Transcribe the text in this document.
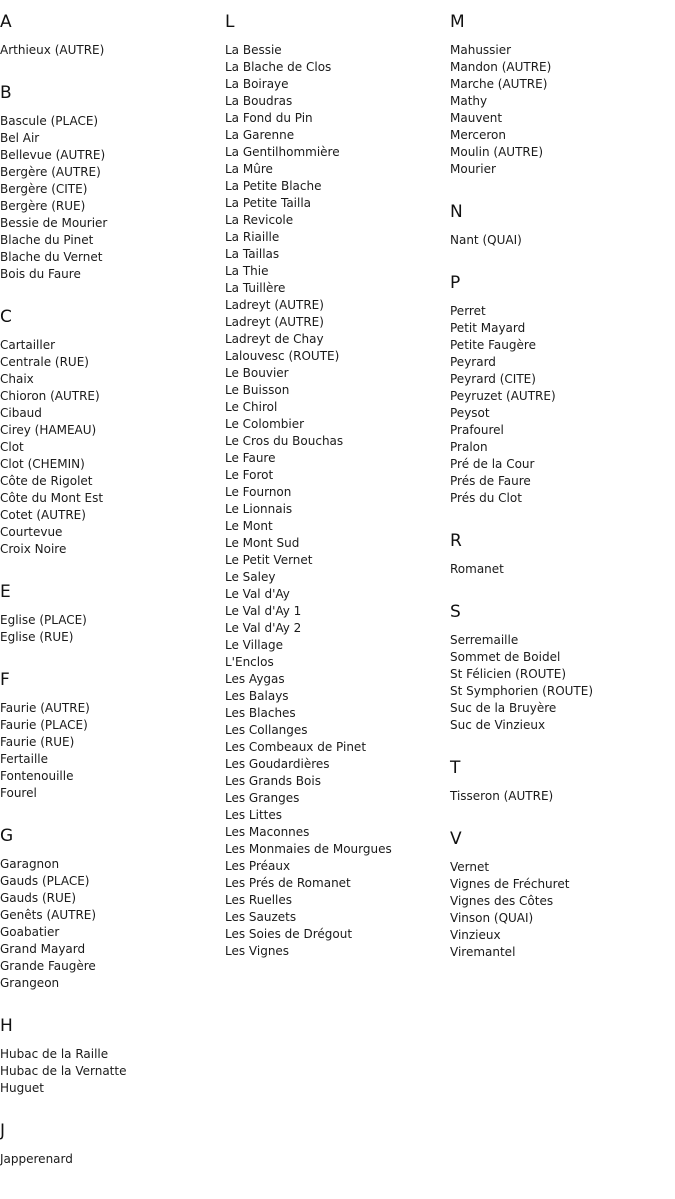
A
Arthieux (AUTRE)
B
Bascule (PLACE)
Bel Air
Bellevue (AUTRE)
Bergère (AUTRE)
Bergère (CITE)
Bergère (RUE)
Bessie de Mourier
Blache du Pinet
Blache du Vernet
Bois du Faure
C
Cartailler
Centrale (RUE)
Chaix
Chioron (AUTRE)
Cibaud
Cirey (HAMEAU)
Clot
Clot (CHEMIN)
Côte de Rigolet
Côte du Mont Est
Cotet (AUTRE)
Courtevue
Croix Noire
E
Eglise (PLACE)
Eglise (RUE)
F
Faurie (AUTRE)
Faurie (PLACE)
Faurie (RUE)
Fertaille
Fontenouille
Fourel
G
Garagnon
Gauds (PLACE)
Gauds (RUE)
Genêts (AUTRE)
Goabatier
Grand Mayard
Grande Faugère
Grangeon
H
Hubac de la Raille
Hubac de la Vernatte
Huguet
J
Japperenard
L
La Bessie
La Blache de Clos
La Boiraye
La Boudras
La Fond du Pin
La Garenne
La Gentilhommière
La Mûre
La Petite Blache
La Petite Tailla
La Revicole
La Riaille
La Taillas
La Thie
La Tuillère
Ladreyt (AUTRE)
Ladreyt (AUTRE)
Ladreyt de Chay
Lalouvesc (ROUTE)
Le Bouvier
Le Buisson
Le Chirol
Le Colombier
Le Cros du Bouchas
Le Faure
Le Forot
Le Fournon
Le Lionnais
Le Mont
Le Mont Sud
Le Petit Vernet
Le Saley
Le Val d'Ay
Le Val d'Ay 1
Le Val d'Ay 2
Le Village
L'Enclos
Les Aygas
Les Balays
Les Blaches
Les Collanges
Les Combeaux de Pinet
Les Goudardières
Les Grands Bois
Les Granges
Les Littes
Les Maconnes
Les Monmaies de Mourgues
Les Préaux
Les Prés de Romanet
Les Ruelles
Les Sauzets
Les Soies de Drégout
Les Vignes
M
Mahussier
Mandon (AUTRE)
Marche (AUTRE)
Mathy
Mauvent
Merceron
Moulin (AUTRE)
Mourier
N
Nant (QUAI)
P
Perret
Petit Mayard
Petite Faugère
Peyrard
Peyrard (CITE)
Peyruzet (AUTRE)
Peysot
Prafourel
Pralon
Pré de la Cour
Prés de Faure
Prés du Clot
R
Romanet
S
Serremaille
Sommet de Boidel
St Félicien (ROUTE)
St Symphorien (ROUTE)
Suc de la Bruyère
Suc de Vinzieux
T
Tisseron (AUTRE)
V
Vernet
Vignes de Fréchuret
Vignes des Côtes
Vinson (QUAI)
Vinzieux
Viremantel
